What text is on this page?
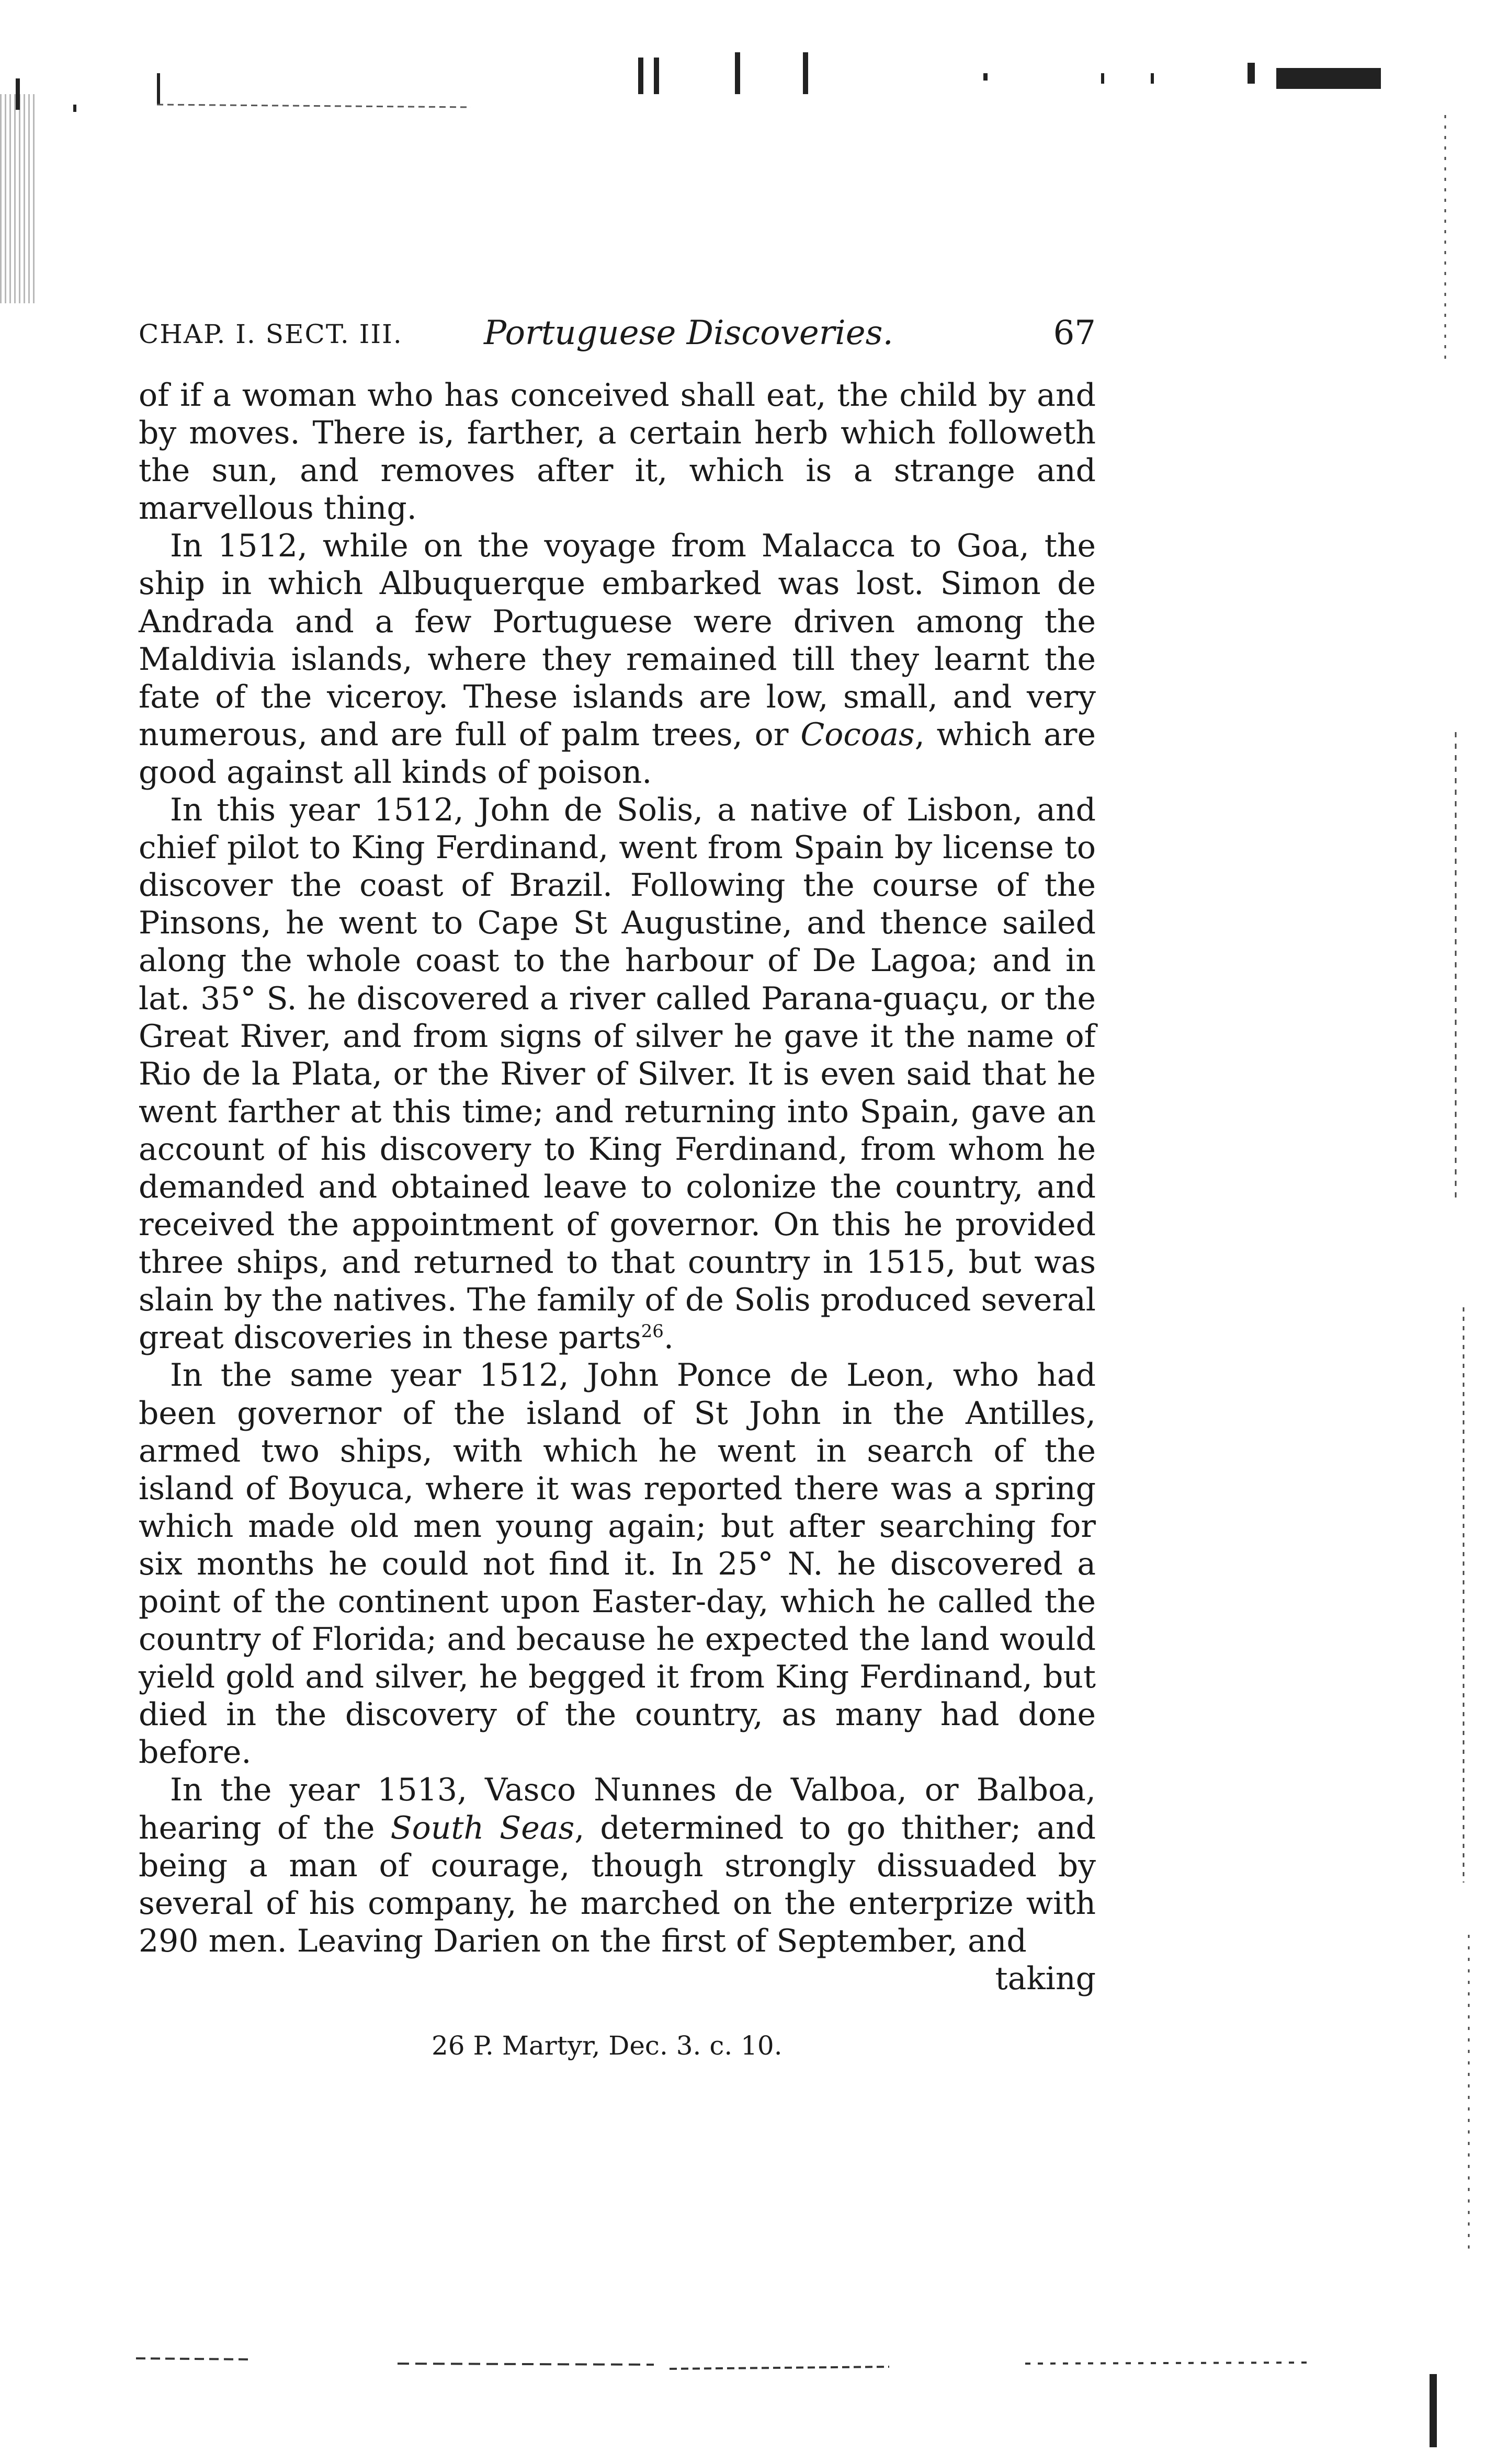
CHAP. I. SECT. III. Portuguese Discoveries.	67

of if a woman who has conceived shall eat, the child by and by moves. There is, farther, a certain herb which followeth the sun, and removes after it, which is a strange and marvellous thing.

In 1512, while on the voyage from Malacca to Goa, the ship in which Albuquerque embarked was lost. Simon de Andrada and a few Portuguese were driven among the Maldivia islands, where they remained till they learnt the fate of the viceroy. These islands are low, small, and very numerous, and are full of palm trees, or Cocoas, which are good against all kinds of poison.

In this year 1512, John de Solis, a native of Lisbon, and chief pilot to King Ferdinand, went from Spain by license to discover the coast of Brazil. Following the course of the Pinsons, he went to Cape St Augustine, and thence sailed along the whole coast to the harbour of De Lagoa; and in lat. 35° S. he discovered a river called Parana-guaçu, or the Great River, and from signs of silver he gave it the name of Rio de la Plata, or the River of Silver. It is even said that he went farther at this time; and returning into Spain, gave an account of his discovery to King Ferdinand, from whom he demanded and obtained leave to colonize the country, and received the appointment of governor. On this he provided three ships, and returned to that country in 1515, but was slain by the natives. The family of de Solis produced several great discoveries in these parts$^{26}$.

In the same year 1512, John Ponce de Leon, who had been governor of the island of St John in the Antilles, armed two ships, with which he went in search of the island of Boyuca, where it was reported there was a spring which made old men young again; but after searching for six months he could not find it. In 25° N. he discovered a point of the continent upon Easter-day, which he called the country of Florida; and because he expected the land would yield gold and silver, he begged it from King Ferdinand, but died in the discovery of the country, as many had done before.

In the year 1513, Vasco Nunnes de Valboa, or Balboa, hearing of the South Seas, determined to go thither; and being a man of courage, though strongly dissuaded by several of his company, he marched on the enterprize with 290 men. Leaving Darien on the first of September, and

taking
26 P. Martyr, Dec. 3. c. 10.
